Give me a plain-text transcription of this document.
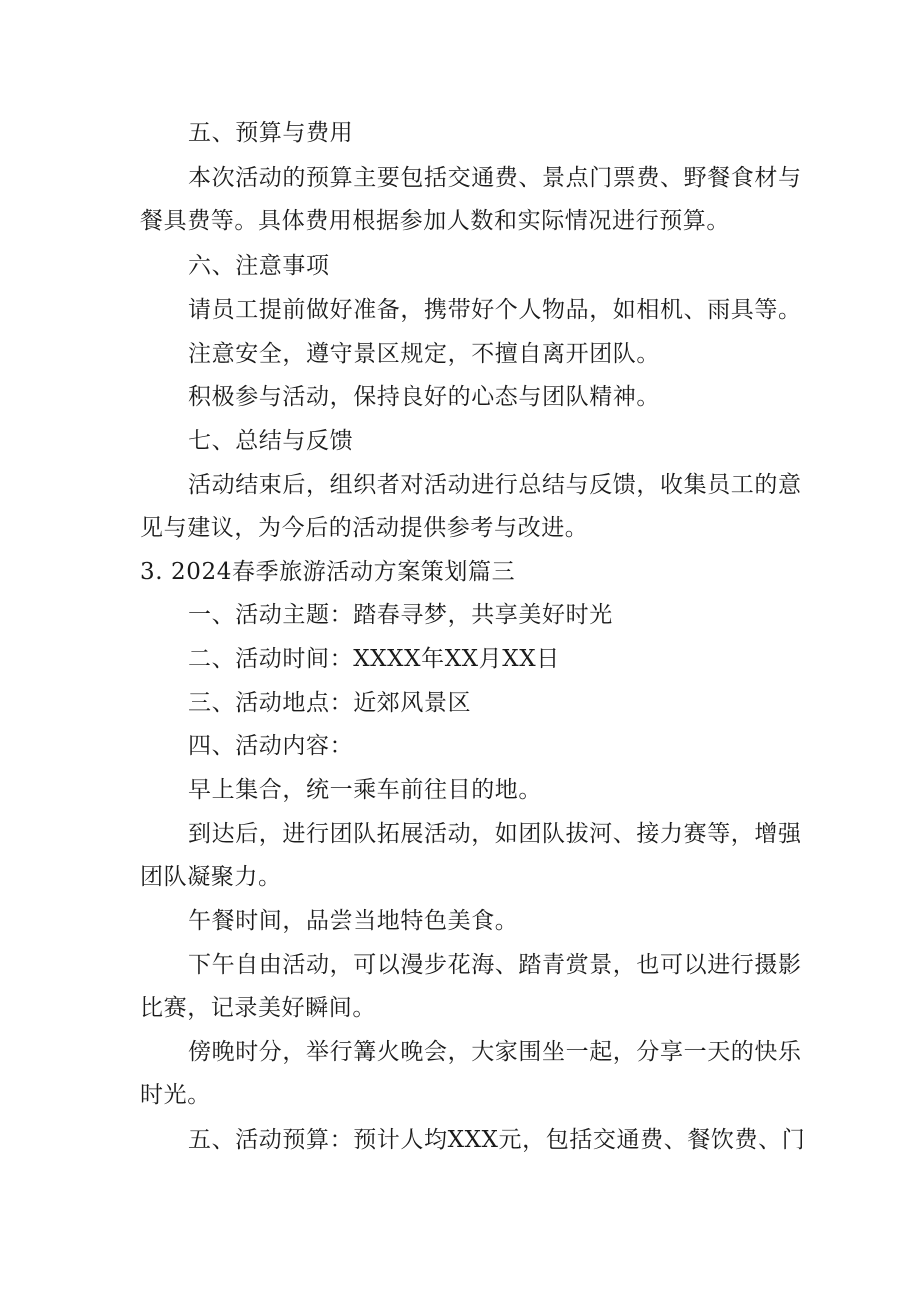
五、预算与费用
本次活动的预算主要包括交通费、景点门票费、野餐食材与
餐具费等。具体费用根据参加人数和实际情况进行预算。
六、注意事项
请员工提前做好准备，携带好个人物品，如相机、雨具等。
注意安全，遵守景区规定，不擅自离开团队。
积极参与活动，保持良好的心态与团队精神。
七、总结与反馈
活动结束后，组织者对活动进行总结与反馈，收集员工的意
见与建议，为今后的活动提供参考与改进。
3. 2024春季旅游活动方案策划篇三
一、活动主题：踏春寻梦，共享美好时光
二、活动时间：XXXX年XX月XX日
三、活动地点：近郊风景区
四、活动内容：
早上集合，统一乘车前往目的地。
到达后，进行团队拓展活动，如团队拔河、接力赛等，增强
团队凝聚力。
午餐时间，品尝当地特色美食。
下午自由活动，可以漫步花海、踏青赏景，也可以进行摄影
比赛，记录美好瞬间。
傍晚时分，举行篝火晚会，大家围坐一起，分享一天的快乐
时光。
五、活动预算：预计人均XXX元，包括交通费、餐饮费、门
